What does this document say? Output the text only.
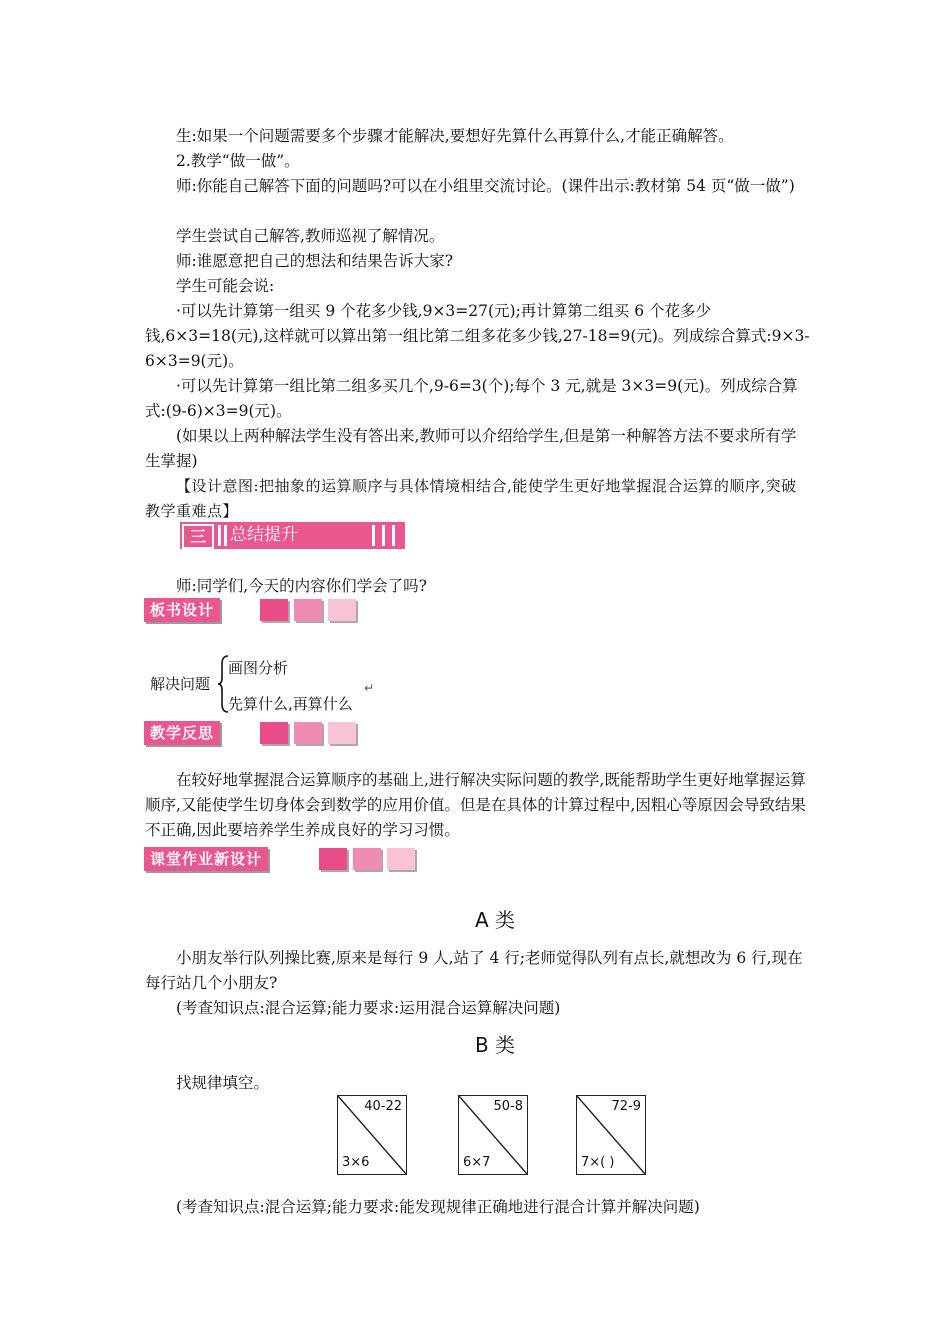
生:如果一个问题需要多个步骤才能解决,要想好先算什么再算什么,才能正确解答。
2.教学“做一做”。
师:你能自己解答下面的问题吗?可以在小组里交流讨论。(课件出示:教材第 54 页“做一做”)
学生尝试自己解答,教师巡视了解情况。
师:谁愿意把自己的想法和结果告诉大家?
学生可能会说:
·可以先计算第一组买 9 个花多少钱,9×3=27(元);再计算第二组买 6 个花多少钱,6×3=18(元),这样就可以算出第一组比第二组多花多少钱,27-18=9(元)。列成综合算式:9×3-6×3=9(元)。
·可以先计算第一组比第二组多买几个,9-6=3(个);每个 3 元,就是 3×3=9(元)。列成综合算式:(9-6)×3=9(元)。
(如果以上两种解法学生没有答出来,教师可以介绍给学生,但是第一种解答方法不要求所有学生掌握)
【设计意图:把抽象的运算顺序与具体情境相结合,能使学生更好地掌握混合运算的顺序,突破教学重难点】
三	总结提升
师:同学们,今天的内容你们学会了吗?
板书设计
解决问题
画图分析
先算什么,再算什么
↵
教学反思
在较好地掌握混合运算顺序的基础上,进行解决实际问题的教学,既能帮助学生更好地掌握运算顺序,又能使学生切身体会到数学的应用价值。但是在具体的计算过程中,因粗心等原因会导致结果不正确,因此要培养学生养成良好的学习习惯。
课堂作业新设计
A 类
小朋友举行队列操比赛,原来是每行 9 人,站了 4 行;老师觉得队列有点长,就想改为 6 行,现在每行站几个小朋友?
(考查知识点:混合运算;能力要求:运用混合运算解决问题)
B 类
找规律填空。
40-22
3×6
50-8
6×7
72-9
7×( )
(考查知识点:混合运算;能力要求:能发现规律正确地进行混合计算并解决问题)
